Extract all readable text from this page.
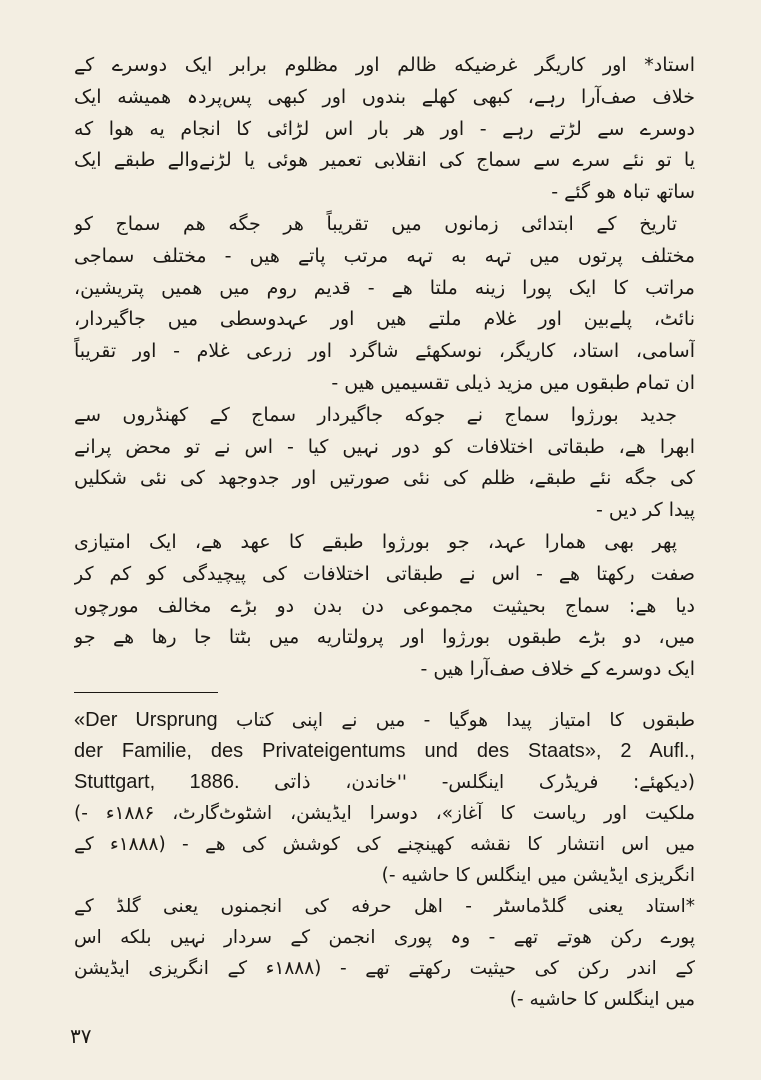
استاد* اور کاریگر غرضیکه ظالم اور مظلوم برابر ایک دوسرے کے
خلاف صف‌آرا رہے، کبھی کھلے بندوں اور کبھی پس‌پردہ همیشه ایک
دوسرے سے لڑتے رہے - اور هر بار اس لڑائی کا انجام یه هوا که
یا تو نئے سرے سے سماج کی انقلابی تعمیر هوئی یا لڑنے‌والے طبقے ایک
ساتھ تباہ هو گئے -

تاریخ کے ابتدائی زمانوں میں تقریباً هر جگه هم سماج کو
مختلف پرتوں میں تہه به تہه مرتب پاتے هیں - مختلف سماجی
مراتب کا ایک پورا زینه ملتا هے - قدیم روم میں همیں پتریشین،
نائٹ، پلےبین اور غلام ملتے هیں اور عہدوسطی میں جاگیردار،
آسامی، استاد، کاریگر، نوسکھئے شاگرد اور زرعی غلام - اور تقریباً
ان تمام طبقوں میں مزید ذیلی تقسیمیں هیں -

جدید بورژوا سماج نے جوکه جاگیردار سماج کے کھنڈروں سے
ابھرا هے، طبقاتی اختلافات کو دور نہیں کیا - اس نے تو محض پرانے
کی جگه نئے طبقے، ظلم کی نئی صورتیں اور جدوجهد کی نئی شکلیں
پیدا کر دیں -

پھر بھی همارا عہد، جو بورژوا طبقے کا عهد هے، ایک امتیازی
صفت رکھتا هے - اس نے طبقاتی اختلافات کی پیچیدگی کو کم کر
دیا هے: سماج بحیثیت مجموعی دن بدن دو بڑے مخالف مورچوں
میں، دو بڑے طبقوں بورژوا اور پرولتاریه میں بٹتا جا رها هے جو
ایک دوسرے کے خلاف صف‌آرا هیں -

طبقوں کا امتیاز پیدا هوگیا - میں نے اپنی کتاب «Der Ursprung
der Familie, des Privateigentums und des Staats», 2 Aufl.,
(دیکھئے: فریڈرک اینگلس- ''خاندن، Stuttgart, 1886. ذاتی
ملکیت اور ریاست کا آغاز»، دوسرا ایڈیشن، اشٹوٹ‌گارٹ، ۱۸۸۶ء -)
میں اس انتشار کا نقشه کھینچنے کی کوشش کی هے - (۱۸۸۸ء کے
انگریزی ایڈیشن میں اینگلس کا حاشیه -)
*استاد یعنی گلڈماسٹر - اهل حرفه کی انجمنوں یعنی گلڈ کے
پورے رکن هوتے تھے - وہ پوری انجمن کے سردار نہیں بلکه اس
کے اندر رکن کی حیثیت رکھتے تھے - (۱۸۸۸ء کے انگریزی ایڈیشن
میں اینگلس کا حاشیه -)
۳۷
